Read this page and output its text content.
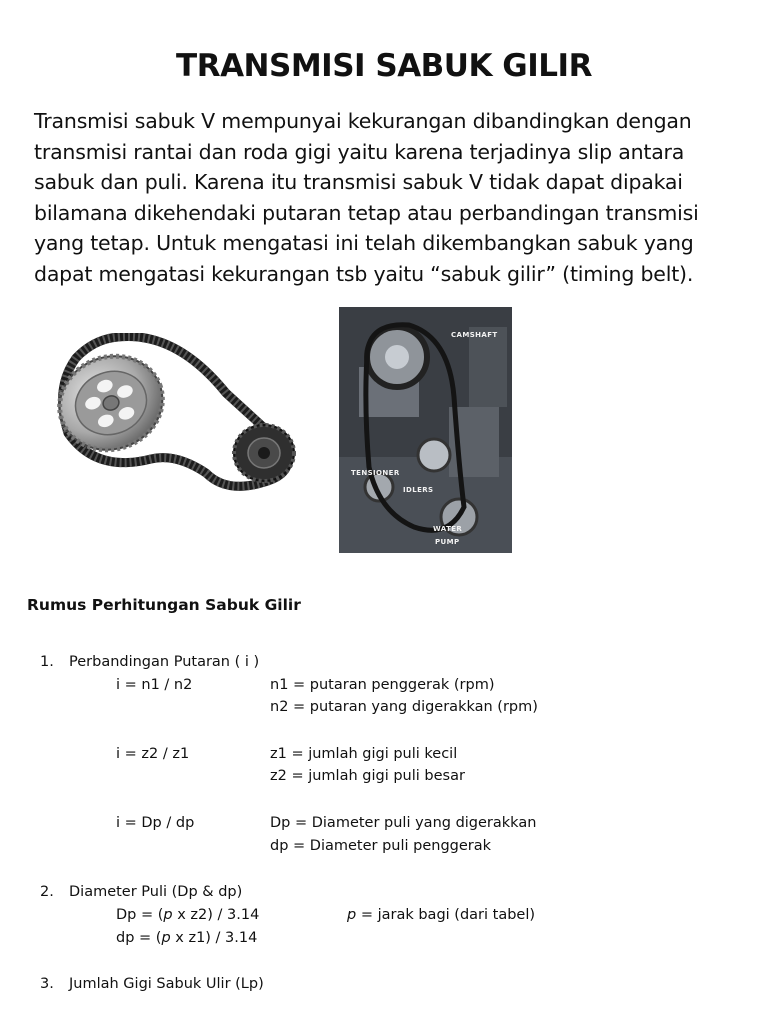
TRANSMISI SABUK GILIR
Transmisi sabuk V mempunyai kekurangan dibandingkan dengan
transmisi rantai dan roda gigi yaitu karena terjadinya slip antara
sabuk dan puli. Karena itu transmisi sabuk V tidak dapat dipakai
bilamana dikehendaki putaran tetap atau perbandingan transmisi
yang tetap. Untuk mengatasi ini telah dikembangkan sabuk yang
dapat mengatasi kekurangan tsb yaitu “sabuk gilir” (timing belt).
CAMSHAFT
TENSIONER
IDLERS
WATER
PUMP
Rumus Perhitungan Sabuk Gilir
1. Perbandingan Putaran ( i )
i = n1 / n2	n1 = putaran penggerak (rpm)
n2 = putaran yang digerakkan (rpm)
i = z2 / z1	z1 = jumlah gigi puli kecil
z2 = jumlah gigi puli besar
i = Dp / dp	Dp = Diameter puli yang digerakkan
dp = Diameter puli penggerak
2. Diameter Puli (Dp & dp)
Dp = (p x z2) / 3.14	p = jarak bagi (dari tabel)
dp = (p x z1) / 3.14
3. Jumlah Gigi Sabuk Ulir (Lp)
